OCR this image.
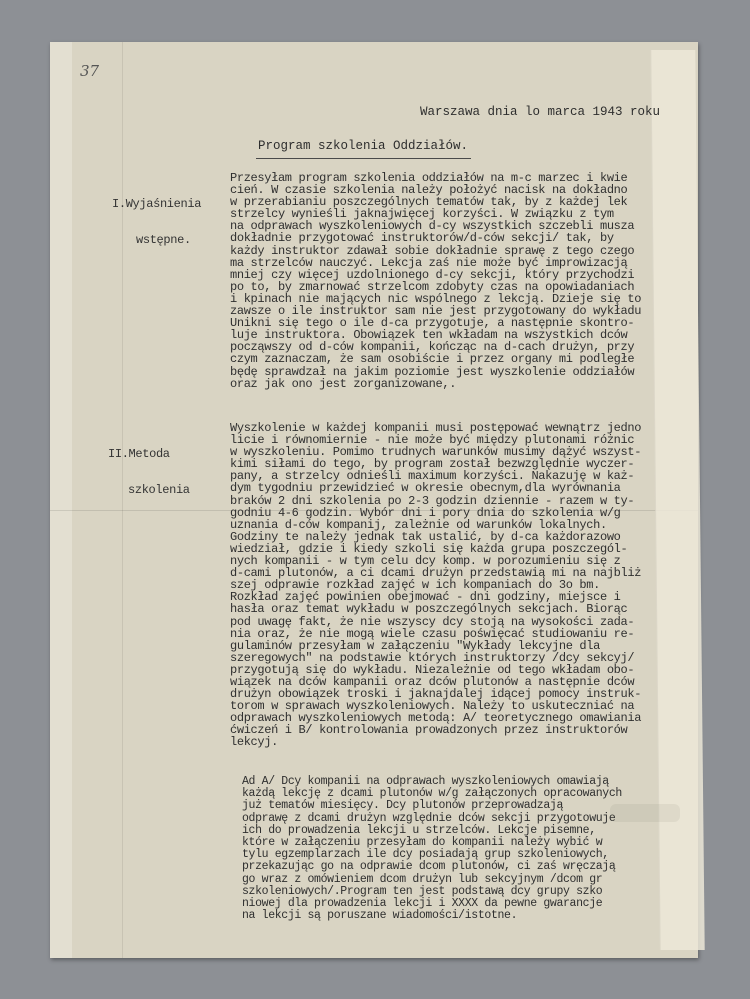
37
Warszawa dnia lo marca 1943 roku
Program szkolenia Oddziałów.

I.Wyjaśnienia

wstępne.

Przesyłam program szkolenia oddziałów na m-c marzec i kwie
cień. W czasie szkolenia należy położyć nacisk na dokładno
w przerabianiu poszczególnych tematów tak, by z każdej lek
strzelcy wynieśli jaknajwięcej korzyści. W związku z tym
na odprawach wyszkoleniowych d-cy wszystkich szczebli musza
dokładnie przygotować instruktorów/d-ców sekcji/ tak, by
każdy instruktor zdawał sobie dokładnie sprawę z tego czego
ma strzelców nauczyć. Lekcja zaś nie może być improwizacją
mniej czy więcej uzdolnionego d-cy sekcji, który przychodzi
po to, by zmarnować strzelcom zdobyty czas na opowiadaniach
i kpinach nie mających nic wspólnego z lekcją. Dzieje się to
zawsze o ile instruktor sam nie jest przygotowany do wykładu
Unikni się tego o ile d-ca przygotuje, a następnie skontro-
luje instruktora. Obowiązek ten wkładam na wszystkich dców
począwszy od d-ców kompanii, kończąc na d-cach drużyn, przy
czym zaznaczam, że sam osobiście i przez organy mi podległe
będę sprawdzał na jakim poziomie jest wyszkolenie oddziałów
oraz jak ono jest zorganizowane,.

II.Metoda

szkolenia

Wyszkolenie w każdej kompanii musi postępować wewnątrz jedno
licie i równomiernie - nie może być między plutonami różnic
w wyszkoleniu. Pomimo trudnych warunków musimy dążyć wszyst-
kimi siłami do tego, by program został bezwzględnie wyczer-
pany, a strzelcy odnieśli maximum korzyści. Nakazuję w każ-
dym tygodniu przewidzieć w okresie obecnym,dla wyrównania
braków 2 dni szkolenia po 2-3 godzin dziennie - razem w ty-
godniu 4-6 godzin. Wybór dni i pory dnia do szkolenia w/g
uznania d-ców kompanij, zależnie od warunków lokalnych.
Godziny te należy jednak tak ustalić, by d-ca każdorazowo
wiedział, gdzie i kiedy szkoli się każda grupa poszczegól-
nych kompanii - w tym celu dcy komp. w porozumieniu się z
d-cami plutonów, a ci dcami drużyn przedstawią mi na najbliż
szej odprawie rozkład zajęć w ich kompaniach do 3o bm.
Rozkład zajęć powinien obejmować - dni godziny, miejsce i
hasła oraz temat wykładu w poszczególnych sekcjach. Biorąc
pod uwagę fakt, że nie wszyscy dcy stoją na wysokości zada-
nia oraz, że nie mogą wiele czasu poświęcać studiowaniu re-
gulaminów przesyłam w załączeniu "Wykłady lekcyjne dla
szeregowych" na podstawie których instruktorzy /dcy sekcyj/
przygotują się do wykładu. Niezależnie od tego wkładam obo-
wiązek na dców kampanii oraz dców plutonów a następnie dców
drużyn obowiązek troski i jaknajdalej idącej pomocy instruk-
torom w sprawach wyszkoleniowych. Należy to uskuteczniać na
odprawach wyszkoleniowych metodą: A/ teoretycznego omawiania
ćwiczeń i B/ kontrolowania prowadzonych przez instruktorów
lekcyj.
Ad A/ Dcy kompanii na odprawach wyszkoleniowych omawiają
każdą lekcję z dcami plutonów w/g załączonych opracowanych
już tematów miesięcy. Dcy plutonów przeprowadzają
odprawę z dcami drużyn względnie dców sekcji przygotowuje
ich do prowadzenia lekcji u strzelców. Lekcje pisemne,
które w załączeniu przesyłam do kompanii należy wybić w
tylu egzemplarzach ile dcy posiadają grup szkoleniowych,
przekazując go na odprawie dcom plutonów, ci zaś wręczają
go wraz z omówieniem dcom drużyn lub sekcyjnym /dcom gr
szkoleniowych/.Program ten jest podstawą dcy grupy szko
niowej dla prowadzenia lekcji i XXXX da pewne gwarancje
na lekcji są poruszane wiadomości/istotne.
